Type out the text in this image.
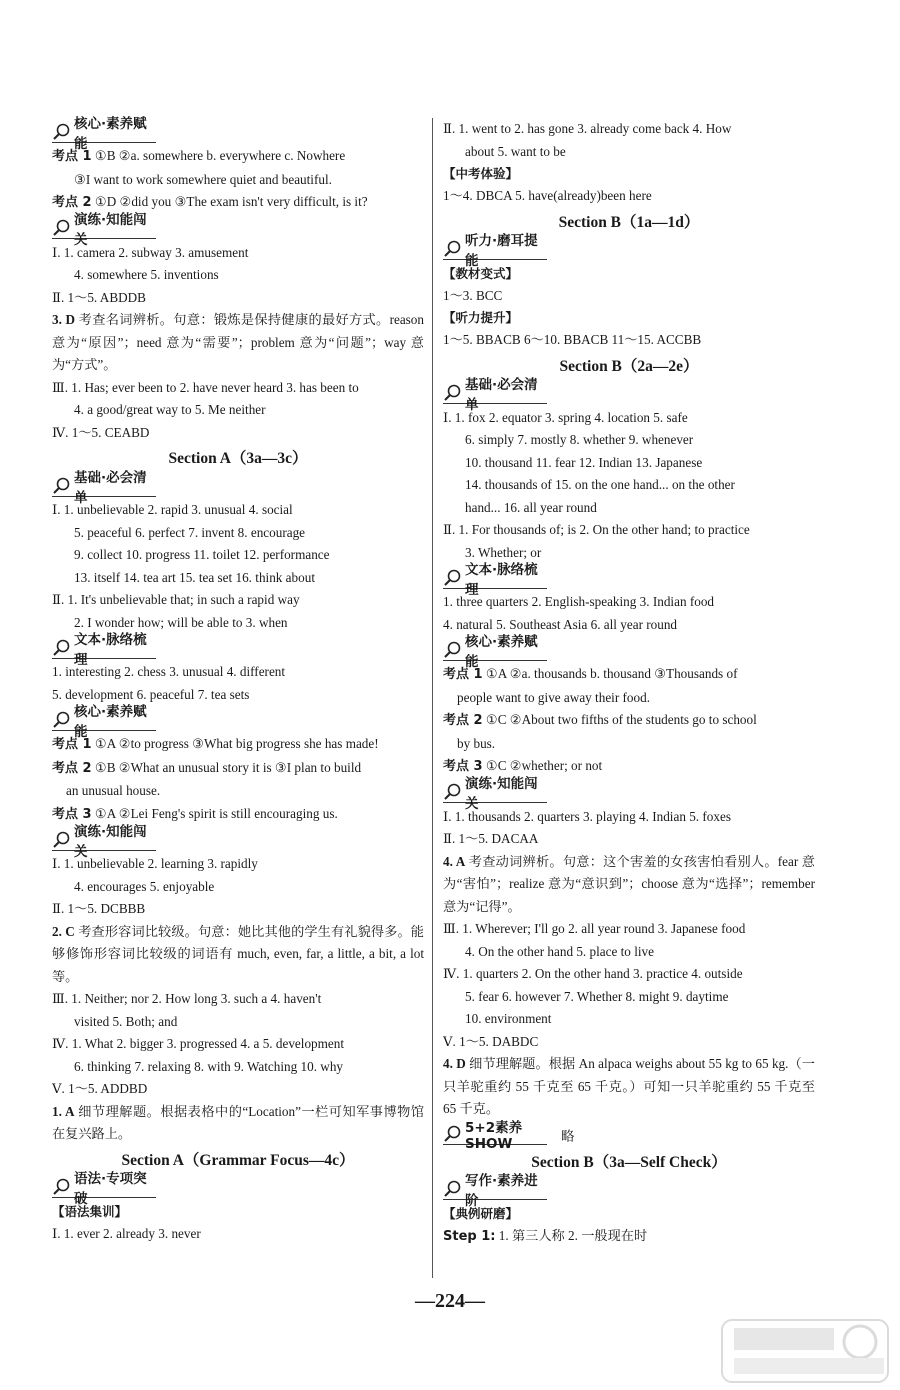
核心·素养赋能
考点 1 ①B ②a. somewhere b. everywhere c. Nowhere
③I want to work somewhere quiet and beautiful.
考点 2 ①D ②did you ③The exam isn't very difficult, is it?
演练·知能闯关
Ⅰ. 1. camera 2. subway 3. amusement
4. somewhere 5. inventions
Ⅱ. 1～5. ABDDB
3. D 考查名词辨析。句意：锻炼是保持健康的最好方式。reason 意为“原因”；need 意为“需要”；problem 意为“问题”；way 意为“方式”。
Ⅲ. 1. Has; ever been to 2. have never heard 3. has been to
4. a good/great way to 5. Me neither
Ⅳ. 1～5. CEABD
Section A（3a—3c）
基础·必会清单
Ⅰ. 1. unbelievable 2. rapid 3. unusual 4. social
5. peaceful 6. perfect 7. invent 8. encourage
9. collect 10. progress 11. toilet 12. performance
13. itself 14. tea art 15. tea set 16. think about
Ⅱ. 1. It's unbelievable that; in such a rapid way
2. I wonder how; will be able to 3. when
文本·脉络梳理
1. interesting 2. chess 3. unusual 4. different
5. development 6. peaceful 7. tea sets
核心·素养赋能
考点 1 ①A ②to progress ③What big progress she has made!
考点 2 ①B ②What an unusual story it is ③I plan to build
an unusual house.
考点 3 ①A ②Lei Feng's spirit is still encouraging us.
演练·知能闯关
Ⅰ. 1. unbelievable 2. learning 3. rapidly
4. encourages 5. enjoyable
Ⅱ. 1～5. DCBBB
2. C 考查形容词比较级。句意：她比其他的学生有礼貌得多。能够修饰形容词比较级的词语有 much, even, far, a little, a bit, a lot 等。
Ⅲ. 1. Neither; nor 2. How long 3. such a 4. haven't
visited 5. Both; and
Ⅳ. 1. What 2. bigger 3. progressed 4. a 5. development
6. thinking 7. relaxing 8. with 9. Watching 10. why
Ⅴ. 1～5. ADDBD
1. A 细节理解题。根据表格中的“Location”一栏可知军事博物馆在复兴路上。
Section A（Grammar Focus—4c）
语法·专项突破
【语法集训】
Ⅰ. 1. ever 2. already 3. never
Ⅱ. 1. went to 2. has gone 3. already come back 4. How
about 5. want to be
【中考体验】
1～4. DBCA 5. have(already)been here
Section B（1a—1d）
听力·磨耳提能
【教材变式】
1～3. BCC
【听力提升】
1～5. BBACB 6～10. BBACB 11～15. ACCBB
Section B（2a—2e）
基础·必会清单
Ⅰ. 1. fox 2. equator 3. spring 4. location 5. safe
6. simply 7. mostly 8. whether 9. whenever
10. thousand 11. fear 12. Indian 13. Japanese
14. thousands of 15. on the one hand... on the other
hand... 16. all year round
Ⅱ. 1. For thousands of; is 2. On the other hand; to practice
3. Whether; or
文本·脉络梳理
1. three quarters 2. English-speaking 3. Indian food
4. natural 5. Southeast Asia 6. all year round
核心·素养赋能
考点 1 ①A ②a. thousands b. thousand ③Thousands of
people want to give away their food.
考点 2 ①C ②About two fifths of the students go to school
by bus.
考点 3 ①C ②whether; or not
演练·知能闯关
Ⅰ. 1. thousands 2. quarters 3. playing 4. Indian 5. foxes
Ⅱ. 1～5. DACAA
4. A 考查动词辨析。句意：这个害羞的女孩害怕看别人。fear 意为“害怕”；realize 意为“意识到”；choose 意为“选择”；remember 意为“记得”。
Ⅲ. 1. Wherever; I'll go 2. all year round 3. Japanese food
4. On the other hand 5. place to live
Ⅳ. 1. quarters 2. On the other hand 3. practice 4. outside
5. fear 6. however 7. Whether 8. might 9. daytime
10. environment
Ⅴ. 1～5. DABDC
4. D 细节理解题。根据 An alpaca weighs about 55 kg to 65 kg.（一只羊驼重约 55 千克至 65 千克。）可知一只羊驼重约 55 千克至 65 千克。
5+2素养SHOW	略
Section B（3a—Self Check）
写作·素养进阶
【典例研磨】
Step 1: 1. 第三人称 2. 一般现在时
—224—
